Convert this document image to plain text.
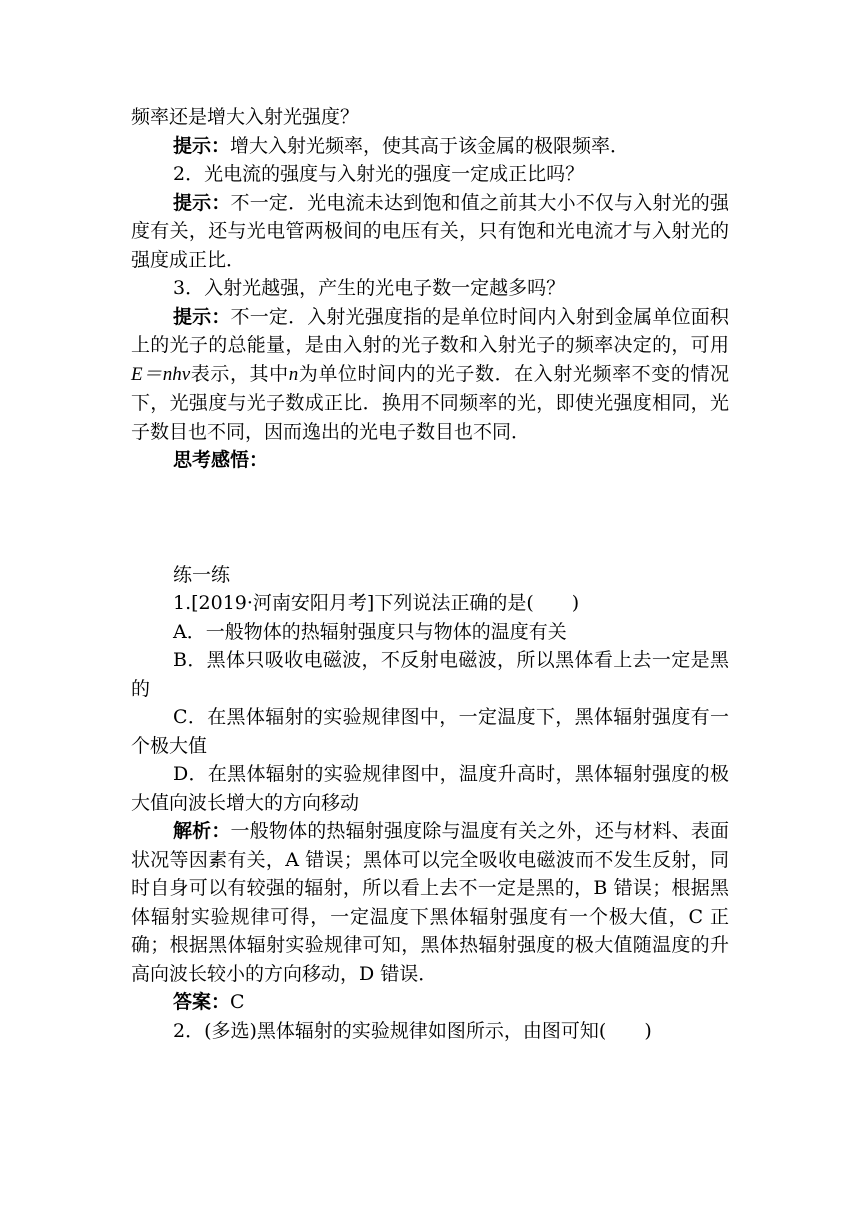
频率还是增大入射光强度？

提示：增大入射光频率，使其高于该金属的极限频率．

2．光电流的强度与入射光的强度一定成正比吗？

提示：不一定．光电流未达到饱和值之前其大小不仅与入射光的强度有关，还与光电管两极间的电压有关，只有饱和光电流才与入射光的强度成正比．

3．入射光越强，产生的光电子数一定越多吗？

提示：不一定．入射光强度指的是单位时间内入射到金属单位面积上的光子的总能量，是由入射的光子数和入射光子的频率决定的，可用E＝nhν表示，其中n为单位时间内的光子数．在入射光频率不变的情况下，光强度与光子数成正比．换用不同频率的光，即使光强度相同，光子数目也不同，因而逸出的光电子数目也不同．

思考感悟：

练一练

1.[2019·河南安阳月考]下列说法正确的是(　　)

A．一般物体的热辐射强度只与物体的温度有关

B．黑体只吸收电磁波，不反射电磁波，所以黑体看上去一定是黑的

C．在黑体辐射的实验规律图中，一定温度下，黑体辐射强度有一个极大值

D．在黑体辐射的实验规律图中，温度升高时，黑体辐射强度的极大值向波长增大的方向移动

解析：一般物体的热辐射强度除与温度有关之外，还与材料、表面状况等因素有关，A 错误；黑体可以完全吸收电磁波而不发生反射，同时自身可以有较强的辐射，所以看上去不一定是黑的，B 错误；根据黑体辐射实验规律可得，一定温度下黑体辐射强度有一个极大值，C 正确；根据黑体辐射实验规律可知，黑体热辐射强度的极大值随温度的升高向波长较小的方向移动，D 错误．

答案：C

2．(多选)黑体辐射的实验规律如图所示，由图可知(　　)
